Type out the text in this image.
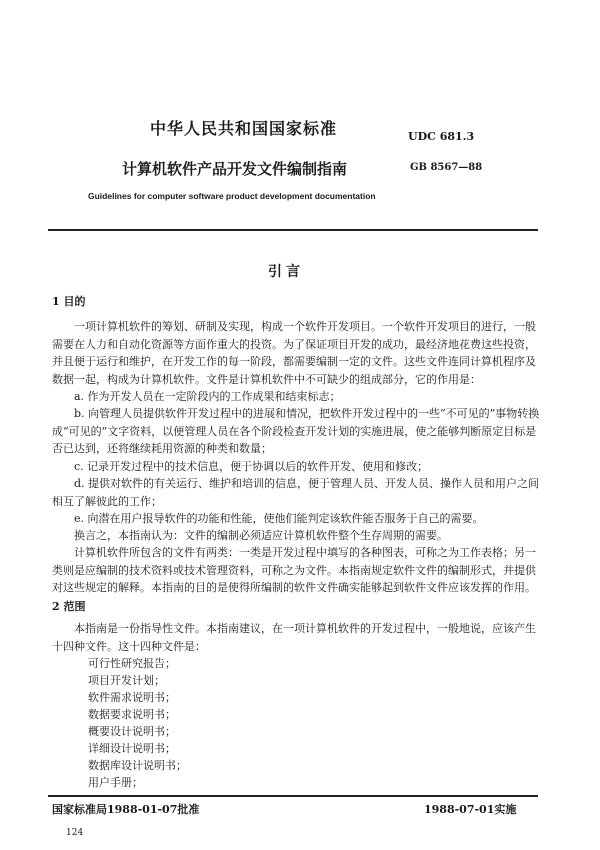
中华人民共和国国家标准	UDC 681.3
计算机软件产品开发文件编制指南	GB 8567—88
Guidelines for computer software product development documentation
引言
1 目的
一项计算机软件的筹划、研制及实现，构成一个软件开发项目。一个软件开发项目的进行，一般需要在人力和自动化资源等方面作重大的投资。为了保证项目开发的成功，最经济地花费这些投资，并且便于运行和维护，在开发工作的每一阶段，都需要编制一定的文件。这些文件连同计算机程序及数据一起，构成为计算机软件。文件是计算机软件中不可缺少的组成部分，它的作用是：
a. 作为开发人员在一定阶段内的工作成果和结束标志；
b. 向管理人员提供软件开发过程中的进展和情况，把软件开发过程中的一些“不可见的”事物转换成“可见的”文字资料，以便管理人员在各个阶段检查开发计划的实施进展，使之能够判断原定目标是否已达到，还将继续耗用资源的种类和数量；
c. 记录开发过程中的技术信息，便于协调以后的软件开发、使用和修改；
d. 提供对软件的有关运行、维护和培训的信息，便于管理人员、开发人员、操作人员和用户之间相互了解彼此的工作；
e. 向潜在用户报导软件的功能和性能，使他们能判定该软件能否服务于自己的需要。
换言之，本指南认为：文件的编制必须适应计算机软件整个生存周期的需要。
计算机软件所包含的文件有两类：一类是开发过程中填写的各种图表，可称之为工作表格；另一类则是应编制的技术资料或技术管理资料，可称之为文件。本指南规定软件文件的编制形式，并提供对这些规定的解释。本指南的目的是使得所编制的软件文件确实能够起到软件文件应该发挥的作用。
2 范围
本指南是一份指导性文件。本指南建议，在一项计算机软件的开发过程中，一般地说，应该产生十四种文件。这十四种文件是：
可行性研究报告；
项目开发计划；
软件需求说明书；
数据要求说明书；
概要设计说明书；
详细设计说明书；
数据库设计说明书；
用户手册；
国家标准局1988-01-07批准	1988-07-01实施
124
